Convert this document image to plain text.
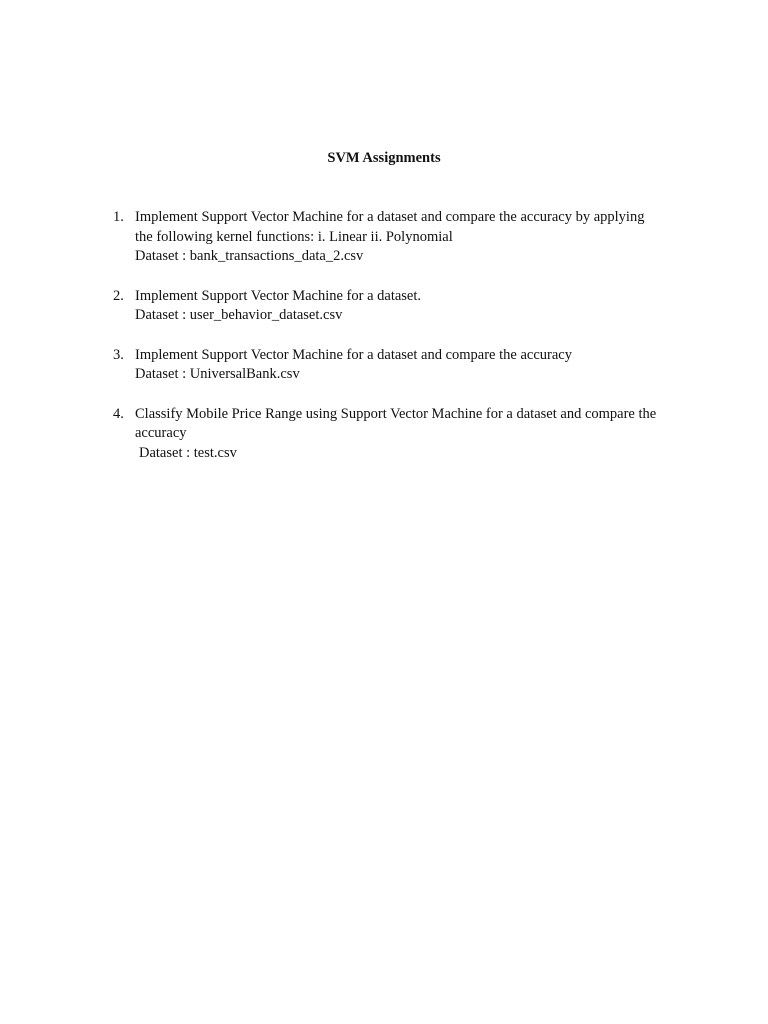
SVM Assignments
1. Implement Support Vector Machine for a dataset and compare the accuracy by applying
the following kernel functions: i. Linear ii. Polynomial
Dataset : bank_transactions_data_2.csv
2. Implement Support Vector Machine for a dataset.
Dataset : user_behavior_dataset.csv
3. Implement Support Vector Machine for a dataset and compare the accuracy
Dataset : UniversalBank.csv
4. Classify Mobile Price Range using Support Vector Machine for a dataset and compare the
accuracy
Dataset : test.csv
